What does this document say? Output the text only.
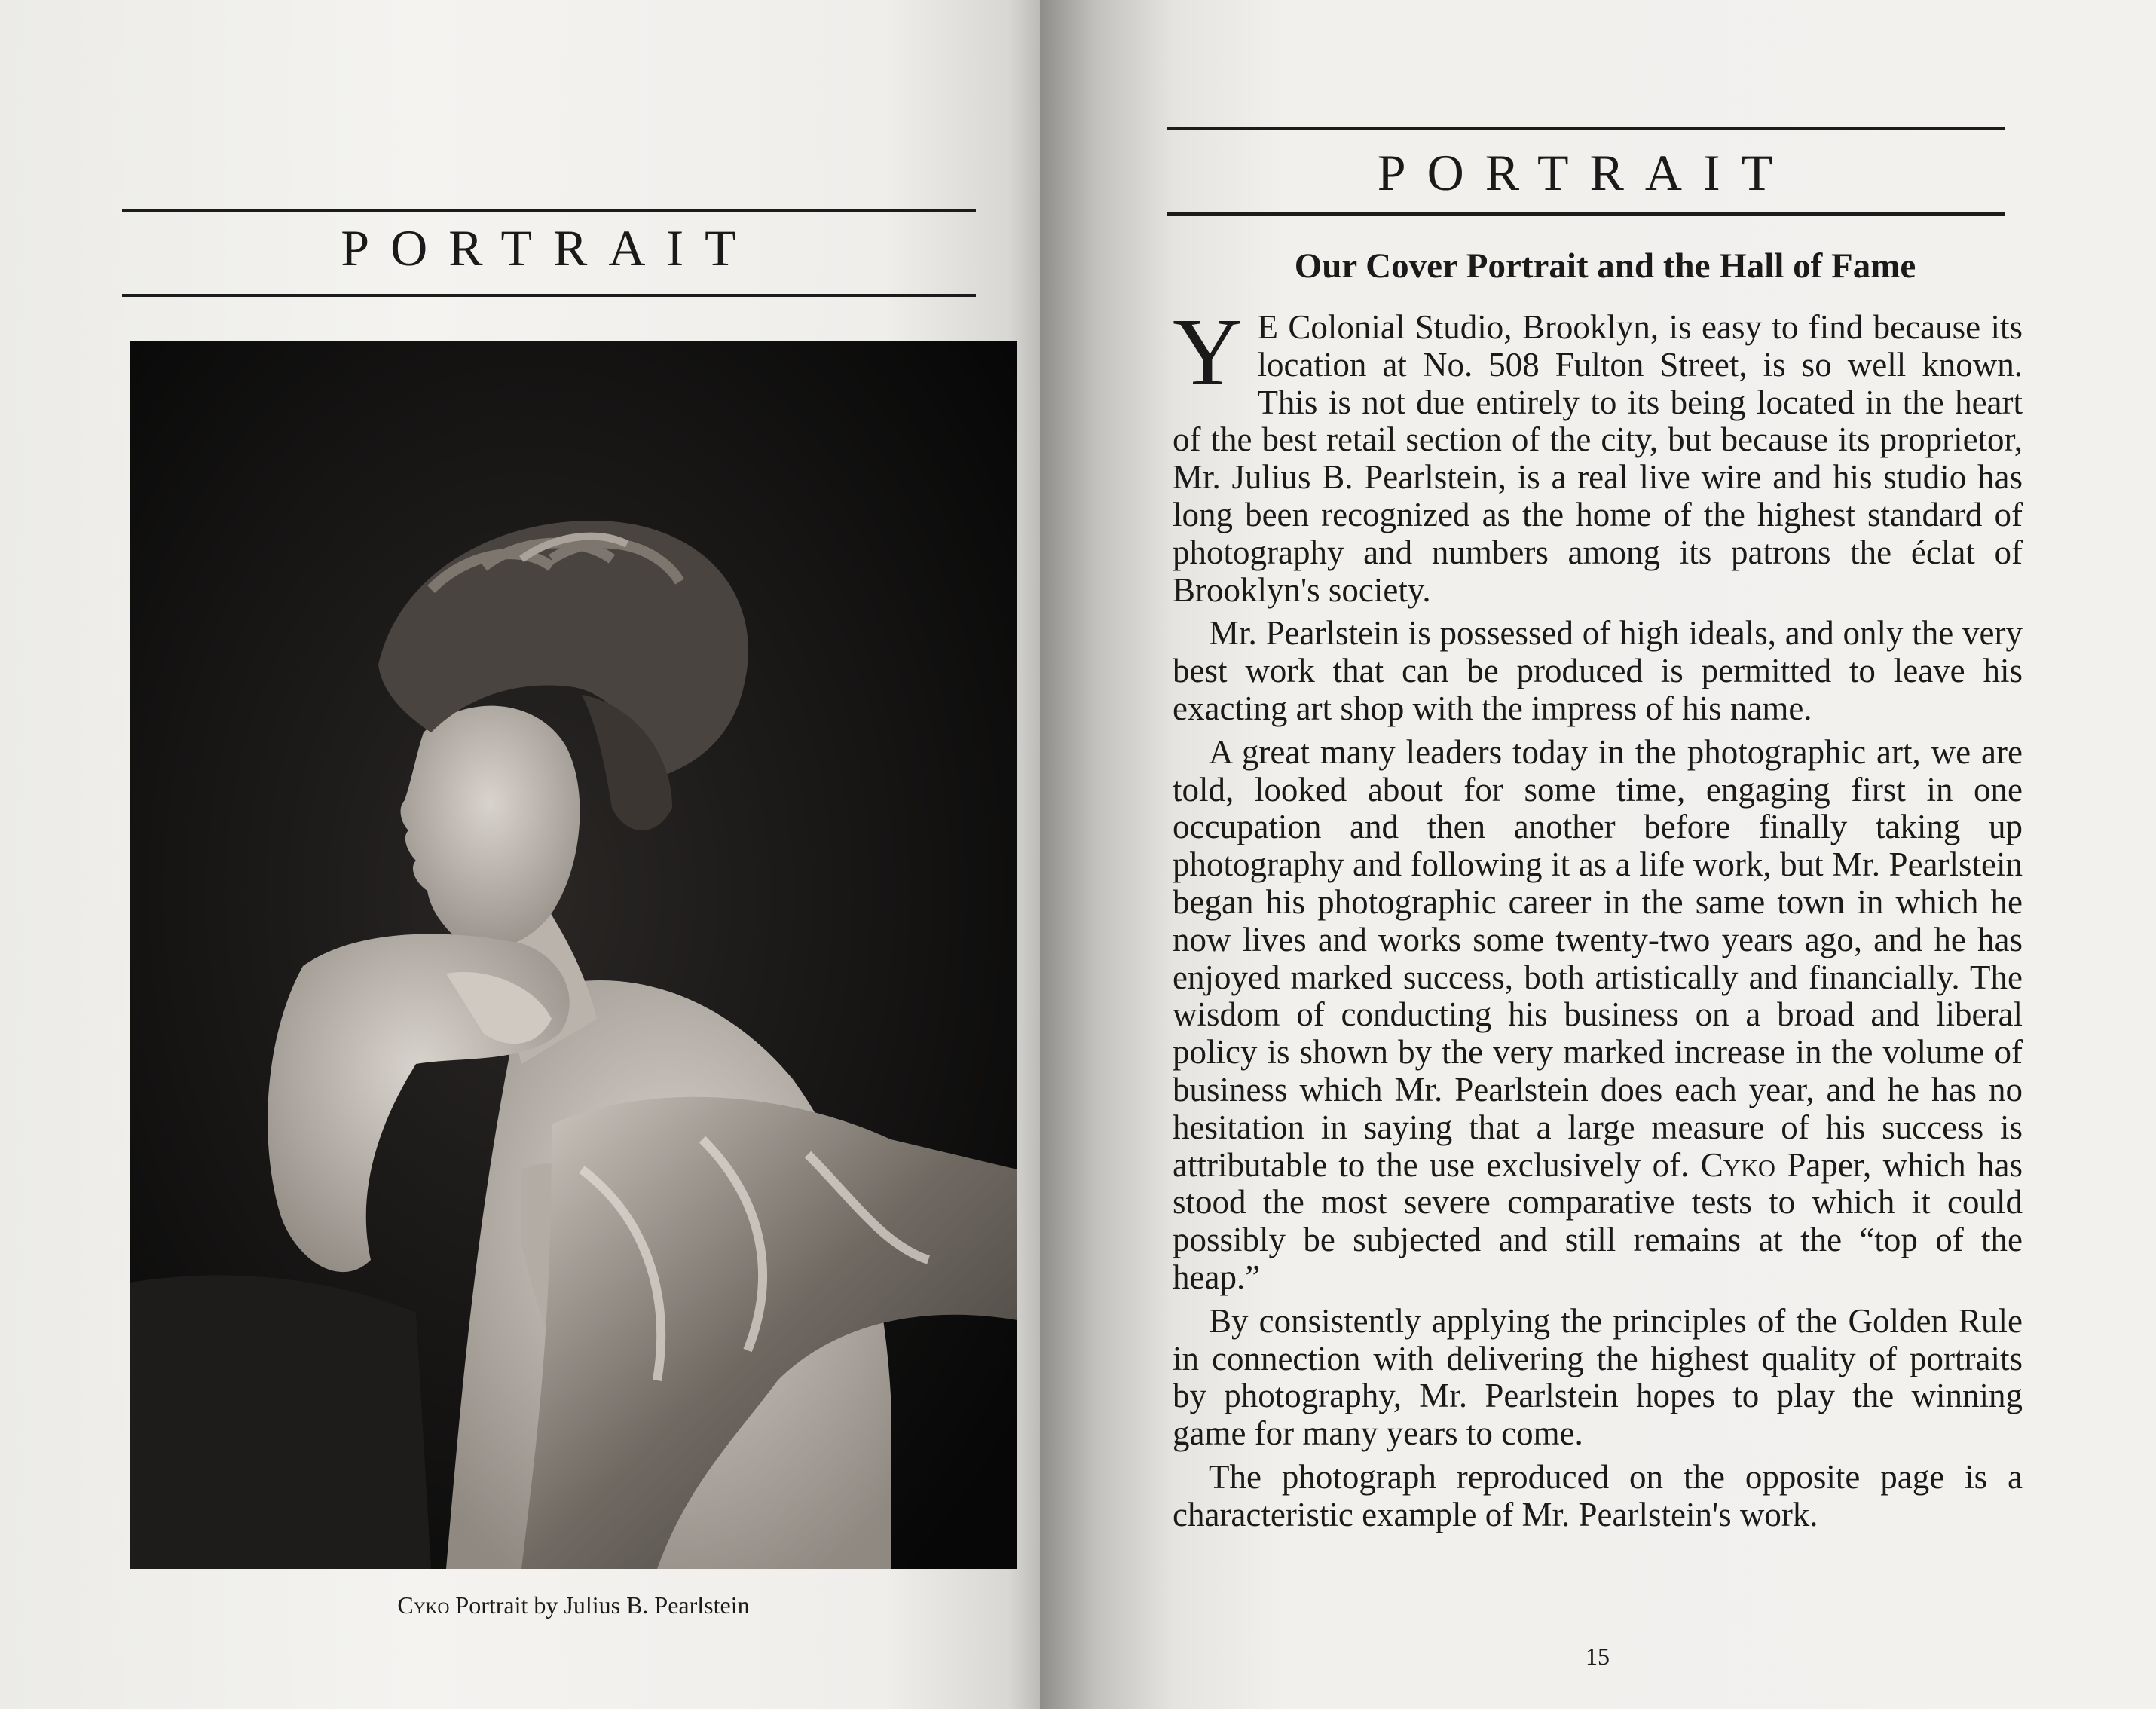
PORTRAIT

Cyko Portrait by Julius B. Pearlstein

PORTRAIT
Our Cover Portrait and the Hall of Fame

Y E Colonial Studio, Brooklyn, is easy to find because its location at No. 508 Fulton Street, is so well known. This is not due entirely to its being located in the heart of the best retail section of the city, but because its proprietor, Mr. Julius B. Pearlstein, is a real live wire and his studio has long been recognized as the home of the highest standard of photography and numbers among its patrons the éclat of Brooklyn's society.

Mr. Pearlstein is possessed of high ideals, and only the very best work that can be produced is permitted to leave his exacting art shop with the impress of his name.

A great many leaders today in the photographic art, we are told, looked about for some time, engaging first in one occupation and then another before finally taking up photography and following it as a life work, but Mr. Pearlstein began his photographic career in the same town in which he now lives and works some twenty-two years ago, and he has enjoyed marked success, both artistically and financially. The wisdom of conducting his business on a broad and liberal policy is shown by the very marked increase in the volume of business which Mr. Pearlstein does each year, and he has no hesitation in saying that a large measure of his success is attributable to the use exclusively of. Cyko Paper, which has stood the most severe comparative tests to which it could possibly be subjected and still remains at the “top of the heap.”

By consistently applying the principles of the Golden Rule in connection with delivering the highest quality of portraits by photography, Mr. Pearlstein hopes to play the winning game for many years to come.

The photograph reproduced on the opposite page is a characteristic example of Mr. Pearlstein's work.

15
